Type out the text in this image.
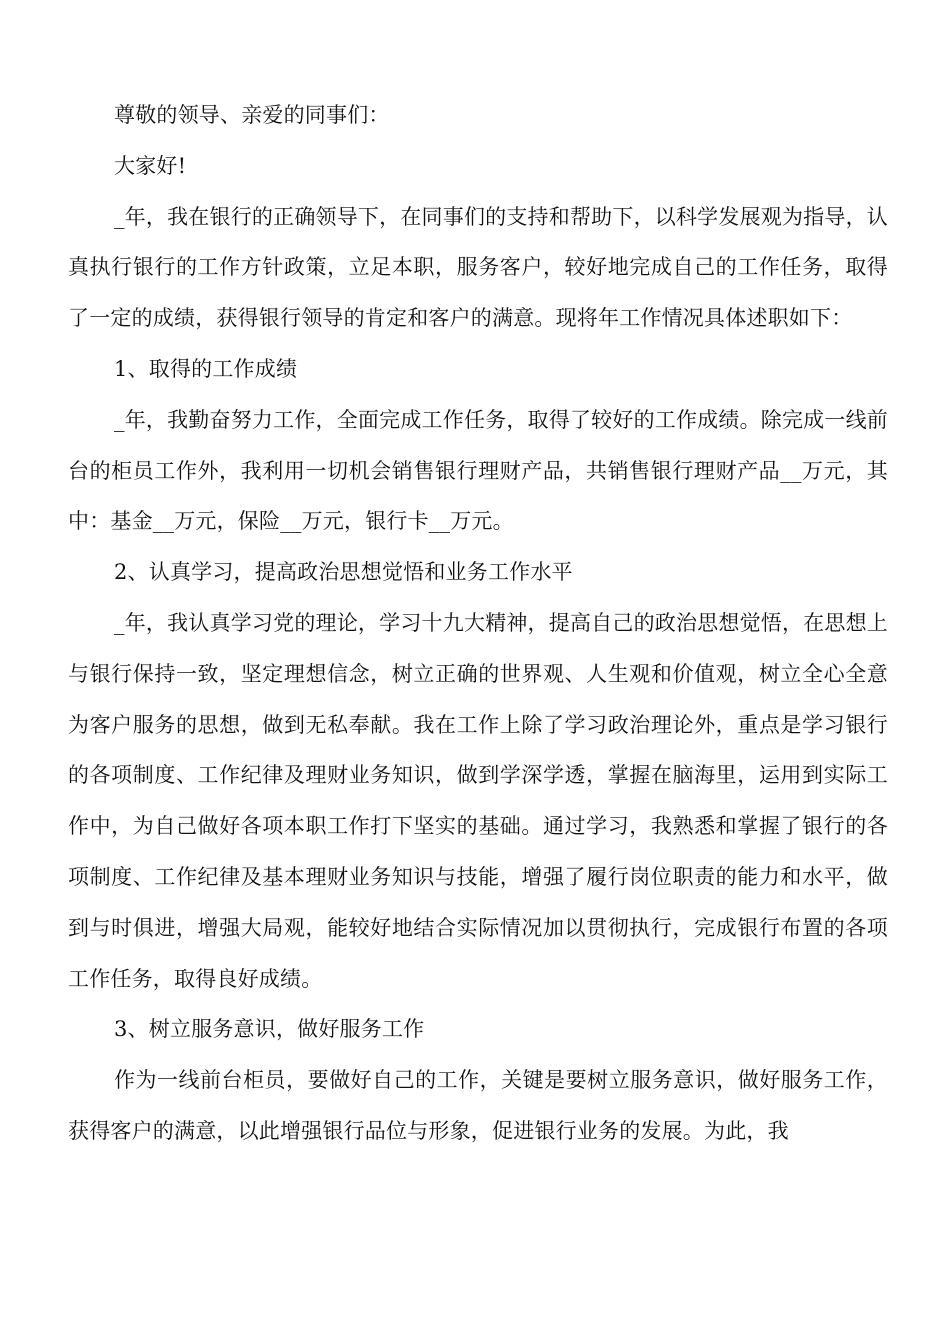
尊敬的领导、亲爱的同事们：

大家好!

_年，我在银行的正确领导下，在同事们的支持和帮助下，以科学发展观为指导，认真执行银行的工作方针政策，立足本职，服务客户，较好地完成自己的工作任务，取得了一定的成绩，获得银行领导的肯定和客户的满意。现将年工作情况具体述职如下：

1、取得的工作成绩

_年，我勤奋努力工作，全面完成工作任务，取得了较好的工作成绩。除完成一线前台的柜员工作外，我利用一切机会销售银行理财产品，共销售银行理财产品__万元，其中：基金__万元，保险__万元，银行卡__万元。

2、认真学习，提高政治思想觉悟和业务工作水平

_年，我认真学习党的理论，学习十九大精神，提高自己的政治思想觉悟，在思想上与银行保持一致，坚定理想信念，树立正确的世界观、人生观和价值观，树立全心全意为客户服务的思想，做到无私奉献。我在工作上除了学习政治理论外，重点是学习银行的各项制度、工作纪律及理财业务知识，做到学深学透，掌握在脑海里，运用到实际工作中，为自己做好各项本职工作打下坚实的基础。通过学习，我熟悉和掌握了银行的各项制度、工作纪律及基本理财业务知识与技能，增强了履行岗位职责的能力和水平，做到与时俱进，增强大局观，能较好地结合实际情况加以贯彻执行，完成银行布置的各项工作任务，取得良好成绩。

3、树立服务意识，做好服务工作

作为一线前台柜员，要做好自己的工作，关键是要树立服务意识，做好服务工作，获得客户的满意，以此增强银行品位与形象，促进银行业务的发展。为此，我
